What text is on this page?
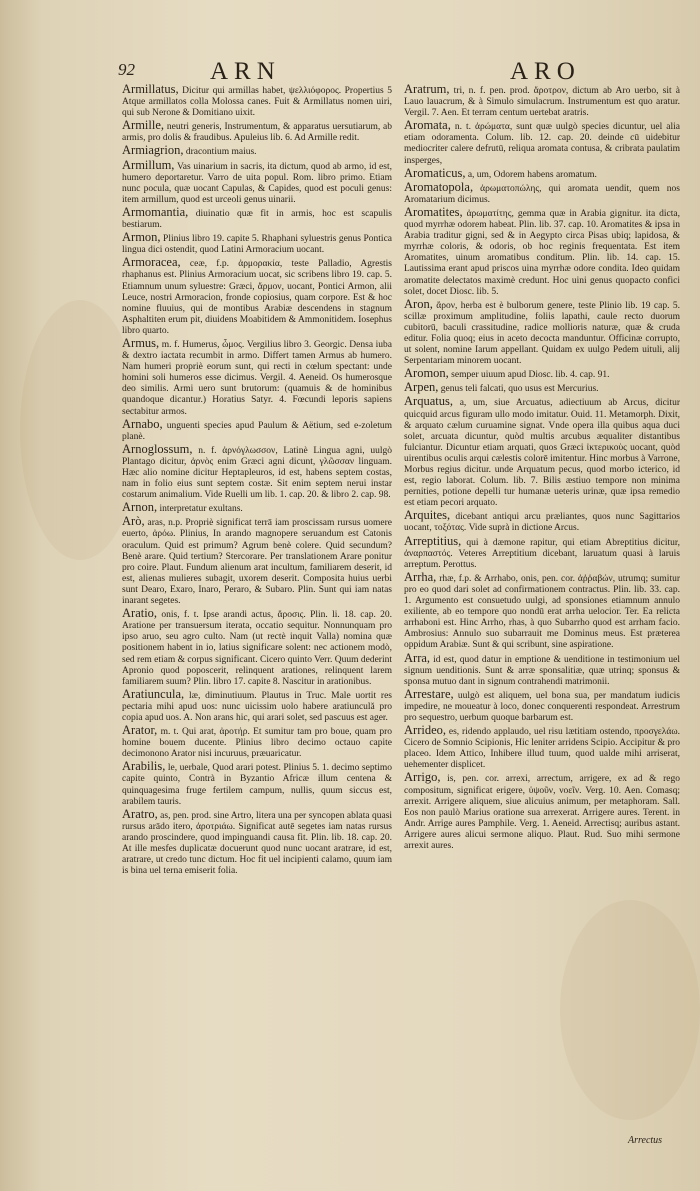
92	ARN	ARO

Armillatus, Dicitur qui armillas habet, ψελλιόφορος. Propertius 5 Atque armillatos colla Molossa canes. Fuit & Armillatus nomen uiri, qui sub Nerone & Domitiano uixit.

Armille, neutri generis, Instrumentum, & apparatus uersutiarum, ab armis, pro dolis & fraudibus. Apuleius lib. 6. Ad Armille redit.

Armiagrion, dracontium maius.

Armillum, Vas uinarium in sacris, ita dictum, quod ab armo, id est, humero deportaretur. Varro de uita popul. Rom. libro primo. Etiam nunc pocula, quæ uocant Capulas, & Capides, quod est poculi genus: item armillum, quod est urceoli genus uinarii.

Armomantia, diuinatio quæ fit in armis, hoc est scapulis bestiarum.

Armon, Plinius libro 19. capite 5. Rhaphani syluestris genus Pontica lingua dici ostendit, quod Latini Armoracium uocant.

Armoracea, ceæ, f.p. ἀρμορακία, teste Palladio, Agrestis rhaphanus est. Plinius Armoracium uocat, sic scribens libro 19. cap. 5. Etiamnum unum syluestre: Græci, ἄρμον, uocant, Pontici Armon, alii Leuce, nostri Armoracion, fronde copiosius, quam corpore. Est & hoc nomine fluuius, qui de montibus Arabiæ descendens in stagnum Asphaltiten erum pit, diuidens Moabitidem & Ammonitidem. Iosephus libro quarto.

Armus, m. f. Humerus, ὦμος. Vergilius libro 3. Georgic. Densa iuba & dextro iactata recumbit in armo. Differt tamen Armus ab humero. Nam humeri propriè eorum sunt, qui recti in cœlum spectant: unde homini soli humeros esse dicimus. Vergil. 4. Aeneid. Os humerosque deo similis. Armi uero sunt brutorum: (quamuis & de hominibus quandoque dicantur.) Horatius Satyr. 4. Fœcundi leporis sapiens sectabitur armos.

Arnabo, unguenti species apud Paulum & Aëtium, sed e-zoletum planè.

Arnoglossum, n. f. ἀρνόγλωσσον, Latinè Lingua agni, uulgò Plantago dicitur, ἀρνὸς enim Græci agni dicunt, γλῶσσαν linguam. Hæc alio nomine dicitur Heptapleuros, id est, habens septem costas, nam in folio eius sunt septem costæ. Sit enim septem nerui instar costarum animalium. Vide Ruelli um lib. 1. cap. 20. & libro 2. cap. 98.

Arnon, interpretatur exultans.

Arò, aras, n.p. Propriè significat terrā iam proscissam rursus uomere euerto, ἀρόω. Plinius, In arando magnopere seruandum est Catonis oraculum. Quid est primum? Agrum benè colere. Quid secundum? Benè arare. Quid tertium? Stercorare. Per translationem Arare ponitur pro coire. Plaut. Fundum alienum arat incultum, familiarem deserit, id est, alienas mulieres subagit, uxorem deserit. Composita huius uerbi sunt Dearo, Exaro, Inaro, Peraro, & Subaro. Plin. Sunt qui iam natas inarant segetes.

Aratio, onis, f. t. Ipse arandi actus, ἄροσις. Plin. li. 18. cap. 20. Aratione per transuersum iterata, occatio sequitur. Nonnunquam pro ipso aruo, seu agro culto. Nam (ut rectè inquit Valla) nomina quæ positionem habent in io, latius significare solent: nec actionem modò, sed rem etiam & corpus significant. Cicero quinto Verr. Quum dederint Apronio quod poposcerit, relinquent arationes, relinquent larem familiarem suum? Plin. libro 17. capite 8. Nascitur in arationibus.

Aratiuncula, læ, diminutiuum. Plautus in Truc. Male uortit res pectaria mihi apud uos: nunc uicissim uolo habere aratiunculă pro copia apud uos. A. Non arans hic, qui arari solet, sed pascuus est ager.

Arator, m. t. Qui arat, ἀροτήρ. Et sumitur tam pro boue, quam pro homine bouem ducente. Plinius libro decimo octauo capite decimonono Arator nisi incuruus, præuaricatur.

Arabilis, le, uerbale, Quod arari potest. Plinius 5. 1. decimo septimo capite quinto, Contrà in Byzantio Africæ illum centena & quinquagesima fruge fertilem campum, nullis, quum siccus est, arabilem tauris.

Aratro, as, pen. prod. sine Artro, litera una per syncopen ablata quasi rursus arādo itero, ἀροτριάω. Significat autē segetes iam natas rursus arando proscindere, quod impinguandi causa fit. Plin. lib. 18. cap. 20. At ille mesfes duplicatæ docuerunt quod nunc uocant aratrare, id est, aratrare, ut credo tunc dictum. Hoc fit uel incipienti calamo, quum iam is bina uel terna emiserit folia.

Aratrum, tri, n. f. pen. prod. ἄροτρον, dictum ab Aro uerbo, sit à Lauo lauacrum, & à Simulo simulacrum. Instrumentum est quo aratur. Vergil. 7. Aen. Et terram centum uertebat aratris.

Aromata, n. t. ἀρώματα, sunt quæ uulgò species dicuntur, uel alia etiam odoramenta. Colum. lib. 12. cap. 20. deinde cū uidebitur mediocriter calere defrutū, reliqua aromata contusa, & cribrata paulatim insperges,

Aromaticus, a, um, Odorem habens aromatum.

Aromatopola, ἀρωματοπώλης, qui aromata uendit, quem nos Aromatarium dicimus.

Aromatites, ἀρωματίτης, gemma quæ in Arabia gignitur. ita dicta, quod myrrhæ odorem habeat. Plin. lib. 37. cap. 10. Aromatites & ipsa in Arabia traditur gigni, sed & in Aegypto circa Pisas ubiq; lapidosa, & myrrhæ coloris, & odoris, ob hoc reginis frequentata. Est item Aromatites, uinum aromatibus conditum. Plin. lib. 14. cap. 15. Lautissima erant apud priscos uina myrrhæ odore condita. Ideo quidam aromatite delectatos maximè credunt. Hoc uini genus quopacto confici solet, docet Diosc. lib. 5.

Aron, ἄρον, herba est è bulborum genere, teste Plinio lib. 19 cap. 5. scillæ proximum amplitudine, foliis lapathi, caule recto duorum cubitorū, baculi crassitudine, radice mollioris naturæ, quæ & cruda editur. Folia quoq; eius in aceto decocta manduntur. Officinæ corrupto, ut solent, nomine Iarum appellant. Quidam ex uulgo Pedem uituli, alij Serpentariam minorem uocant.

Aromon, semper uiuum apud Diosc. lib. 4. cap. 91.

Arpen, genus teli falcati, quo usus est Mercurius.

Arquatus, a, um, siue Arcuatus, adiectiuum ab Arcus, dicitur quicquid arcus figuram ullo modo imitatur. Ouid. 11. Metamorph. Dixit, & arquato cælum curuamine signat. Vnde opera illa quibus aqua duci solet, arcuata dicuntur, quòd multis arcubus æqualiter distantibus fulciantur. Dicuntur etiam arquati, quos Græci ἰκτερικοὺς uocant, quòd uirentibus oculis arqui cælestis colorē imitentur. Hinc morbus à Varrone, Morbus regius dicitur. unde Arquatum pecus, quod morbo icterico, id est, regio laborat. Colum. lib. 7. Bilis æstiuo tempore non minima pernities, potione depelli tur humanæ ueteris urinæ, quæ ipsa remedio est etiam pecori arquato.

Arquites, dicebant antiqui arcu præliantes, quos nunc Sagittarios uocant, τοξότας. Vide suprà in dictione Arcus.

Arreptitius, qui à dæmone rapitur, qui etiam Abreptitius dicitur, ἀναρπαστός. Veteres Arreptitium dicebant, laruatum quasi à laruis arreptum. Perottus.

Arrha, rhæ, f.p. & Arrhabo, onis, pen. cor. ἀῤῥαβών, utrumq; sumitur pro eo quod dari solet ad confirmationem contractus. Plin. lib. 33. cap. 1. Argumento est consuetudo uulgi, ad sponsiones etiamnum annulo exiliente, ab eo tempore quo nondū erat arrha uelocior. Ter. Ea relicta arrhaboni est. Hinc Arrho, rhas, à quo Subarrho quod est arrham facio. Ambrosius: Annulo suo subarrauit me Dominus meus. Est præterea oppidum Arabiæ. Sunt & qui scribunt, sine aspiratione.

Arra, id est, quod datur in emptione & uenditione in testimonium uel signum uenditionis. Sunt & arræ sponsalitiæ, quæ utrinq; sponsus & sponsa mutuo dant in signum contrahendi matrimonii.

Arrestare, uulgò est aliquem, uel bona sua, per mandatum iudicis impedire, ne moueatur à loco, donec conquerenti respondeat. Arrestrum pro sequestro, uerbum quoque barbarum est.

Arrideo, es, ridendo applaudo, uel risu lætitiam ostendo, προσγελάω. Cicero de Somnio Scipionis, Hic leniter arridens Scipio. Accipitur & pro placeo. Idem Attico, Inhibere illud tuum, quod ualde mihi arriserat, uehementer displicet.

Arrigo, is, pen. cor. arrexi, arrectum, arrigere, ex ad & rego compositum, significat erigere, ὑψοῦν, νοεῖν. Verg. 10. Aen. Comasq; arrexit. Arrigere aliquem, siue alicuius animum, per metaphoram. Sall. Eos non paulò Marius oratione sua arrexerat. Arrigere aures. Terent. in Andr. Arrige aures Pamphile. Verg. 1. Aeneid. Arrectisq; auribus astant. Arrigere aures alicui sermone aliquo. Plaut. Rud. Suo mihi sermone arrexit aures.

Arrectus
